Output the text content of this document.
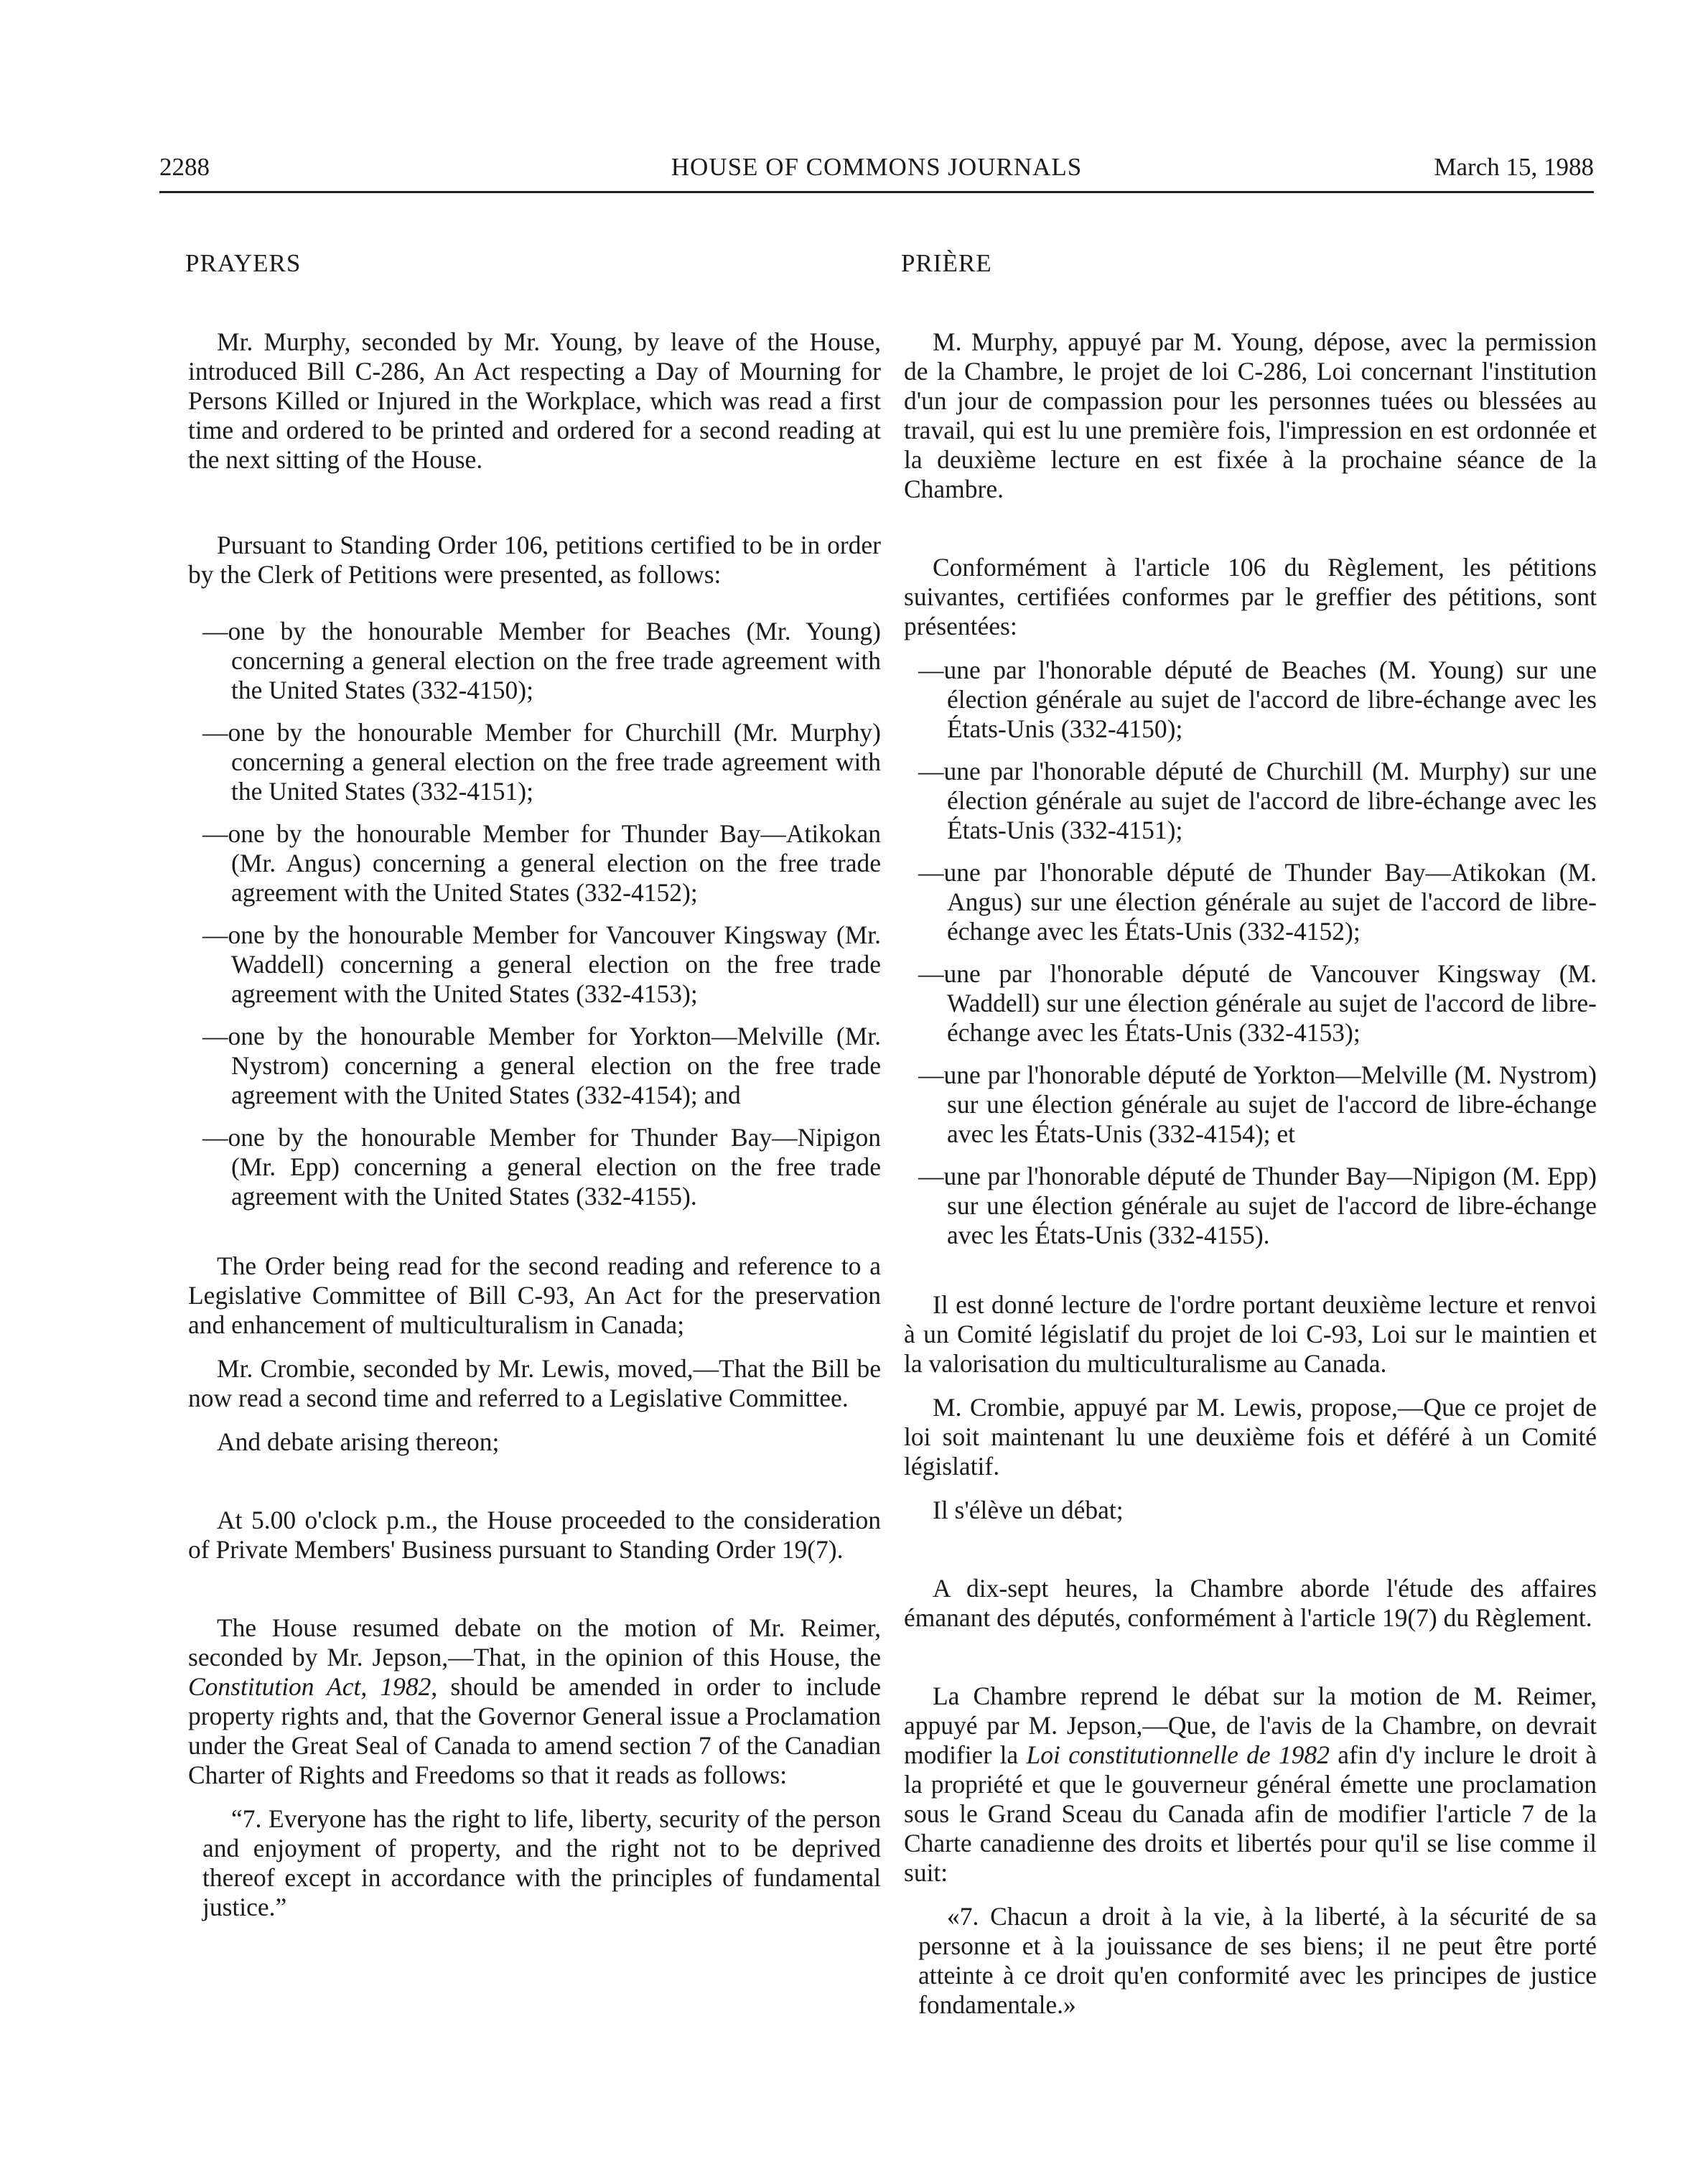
2288	HOUSE OF COMMONS JOURNALS	March 15, 1988
PRAYERS

Mr. Murphy, seconded by Mr. Young, by leave of the House, introduced Bill C-286, An Act respecting a Day of Mourning for Persons Killed or Injured in the Workplace, which was read a first time and ordered to be printed and ordered for a second reading at the next sitting of the House.

Pursuant to Standing Order 106, petitions certified to be in order by the Clerk of Petitions were presented, as follows:

—one by the honourable Member for Beaches (Mr. Young) concerning a general election on the free trade agreement with the United States (332-4150);

—one by the honourable Member for Churchill (Mr. Murphy) concerning a general election on the free trade agreement with the United States (332-4151);

—one by the honourable Member for Thunder Bay—Atikokan (Mr. Angus) concerning a general election on the free trade agreement with the United States (332-4152);

—one by the honourable Member for Vancouver Kingsway (Mr. Waddell) concerning a general election on the free trade agreement with the United States (332-4153);

—one by the honourable Member for Yorkton—Melville (Mr. Nystrom) concerning a general election on the free trade agreement with the United States (332-4154); and

—one by the honourable Member for Thunder Bay—Nipigon (Mr. Epp) concerning a general election on the free trade agreement with the United States (332-4155).

The Order being read for the second reading and reference to a Legislative Committee of Bill C-93, An Act for the preservation and enhancement of multiculturalism in Canada;

Mr. Crombie, seconded by Mr. Lewis, moved,—That the Bill be now read a second time and referred to a Legislative Committee.

And debate arising thereon;

At 5.00 o'clock p.m., the House proceeded to the consideration of Private Members' Business pursuant to Standing Order 19(7).

The House resumed debate on the motion of Mr. Reimer, seconded by Mr. Jepson,—That, in the opinion of this House, the Constitution Act, 1982, should be amended in order to include property rights and, that the Governor General issue a Proclamation under the Great Seal of Canada to amend section 7 of the Canadian Charter of Rights and Freedoms so that it reads as follows:

“7. Everyone has the right to life, liberty, security of the person and enjoyment of property, and the right not to be deprived thereof except in accordance with the principles of fundamental justice.”

PRIÈRE

M. Murphy, appuyé par M. Young, dépose, avec la permission de la Chambre, le projet de loi C-286, Loi concernant l'institution d'un jour de compassion pour les personnes tuées ou blessées au travail, qui est lu une première fois, l'impression en est ordonnée et la deuxième lecture en est fixée à la prochaine séance de la Chambre.

Conformément à l'article 106 du Règlement, les pétitions suivantes, certifiées conformes par le greffier des pétitions, sont présentées:

—une par l'honorable député de Beaches (M. Young) sur une élection générale au sujet de l'accord de libre-échange avec les États-Unis (332-4150);

—une par l'honorable député de Churchill (M. Murphy) sur une élection générale au sujet de l'accord de libre-échange avec les États-Unis (332-4151);

—une par l'honorable député de Thunder Bay—Atikokan (M. Angus) sur une élection générale au sujet de l'accord de libre-échange avec les États-Unis (332-4152);

—une par l'honorable député de Vancouver Kingsway (M. Waddell) sur une élection générale au sujet de l'accord de libre-échange avec les États-Unis (332-4153);

—une par l'honorable député de Yorkton—Melville (M. Nystrom) sur une élection générale au sujet de l'accord de libre-échange avec les États-Unis (332-4154); et

—une par l'honorable député de Thunder Bay—Nipigon (M. Epp) sur une élection générale au sujet de l'accord de libre-échange avec les États-Unis (332-4155).

Il est donné lecture de l'ordre portant deuxième lecture et renvoi à un Comité législatif du projet de loi C-93, Loi sur le maintien et la valorisation du multiculturalisme au Canada.

M. Crombie, appuyé par M. Lewis, propose,—Que ce projet de loi soit maintenant lu une deuxième fois et déféré à un Comité législatif.

Il s'élève un débat;

A dix-sept heures, la Chambre aborde l'étude des affaires émanant des députés, conformément à l'article 19(7) du Règlement.

La Chambre reprend le débat sur la motion de M. Reimer, appuyé par M. Jepson,—Que, de l'avis de la Chambre, on devrait modifier la Loi constitutionnelle de 1982 afin d'y inclure le droit à la propriété et que le gouverneur général émette une proclamation sous le Grand Sceau du Canada afin de modifier l'article 7 de la Charte canadienne des droits et libertés pour qu'il se lise comme il suit:

«7. Chacun a droit à la vie, à la liberté, à la sécurité de sa personne et à la jouissance de ses biens; il ne peut être porté atteinte à ce droit qu'en conformité avec les principes de justice fondamentale.»
